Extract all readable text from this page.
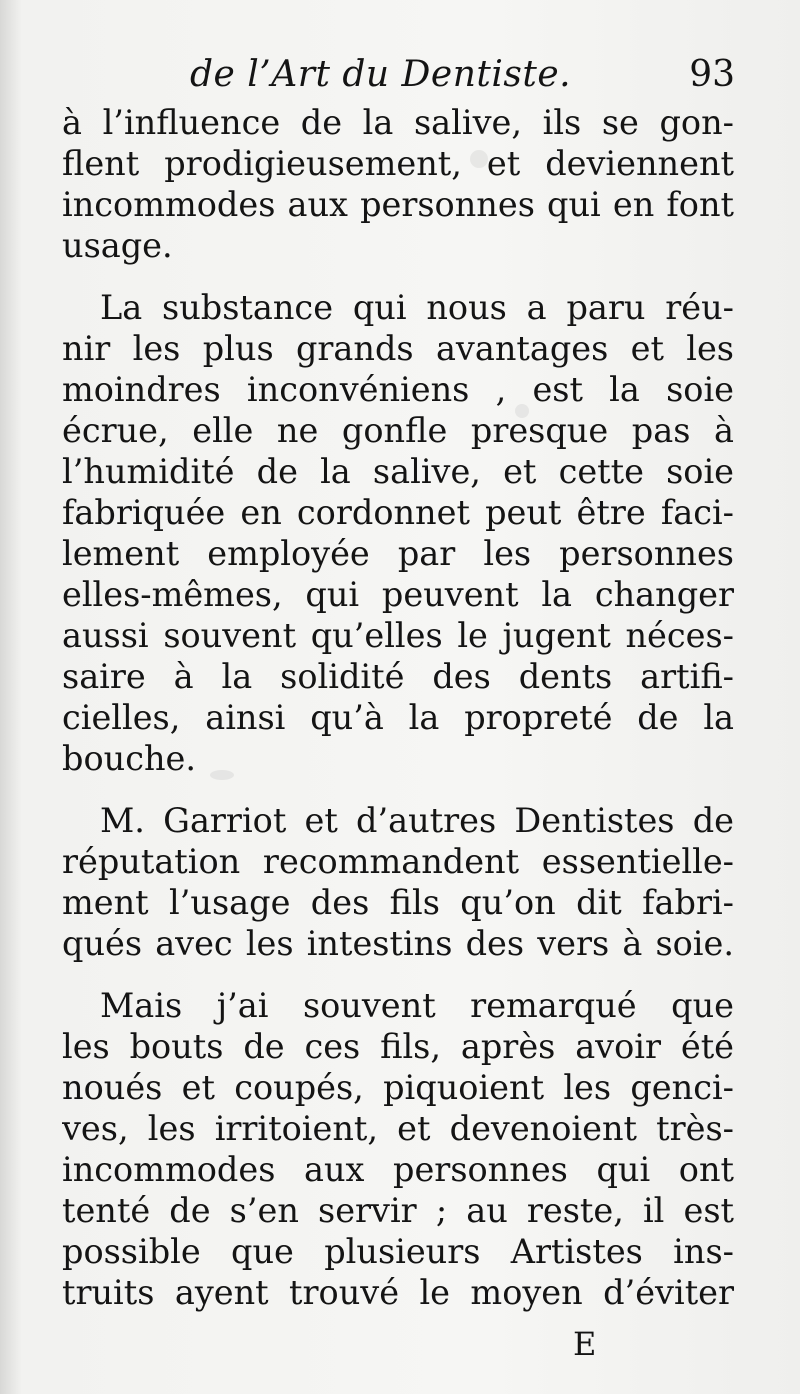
de l’Art du Dentiste.	93
à l’influence de la salive, ils se gon-
flent prodigieusement, et deviennent
incommodes aux personnes qui en font
usage.
La substance qui nous a paru réu-
nir les plus grands avantages et les
moindres inconvéniens , est la soie
écrue, elle ne gonfle presque pas à
l’humidité de la salive, et cette soie
fabriquée en cordonnet peut être faci-
lement employée par les personnes
elles-mêmes, qui peuvent la changer
aussi souvent qu’elles le jugent néces-
saire à la solidité des dents artifi-
cielles, ainsi qu’à la propreté de la
bouche.
M. Garriot et d’autres Dentistes de
réputation recommandent essentielle-
ment l’usage des fils qu’on dit fabri-
qués avec les intestins des vers à soie.
Mais j’ai souvent remarqué que
les bouts de ces fils, après avoir été
noués et coupés, piquoient les genci-
ves, les irritoient, et devenoient très-
incommodes aux personnes qui ont
tenté de s’en servir ; au reste, il est
possible que plusieurs Artistes ins-
truits ayent trouvé le moyen d’éviter
E
